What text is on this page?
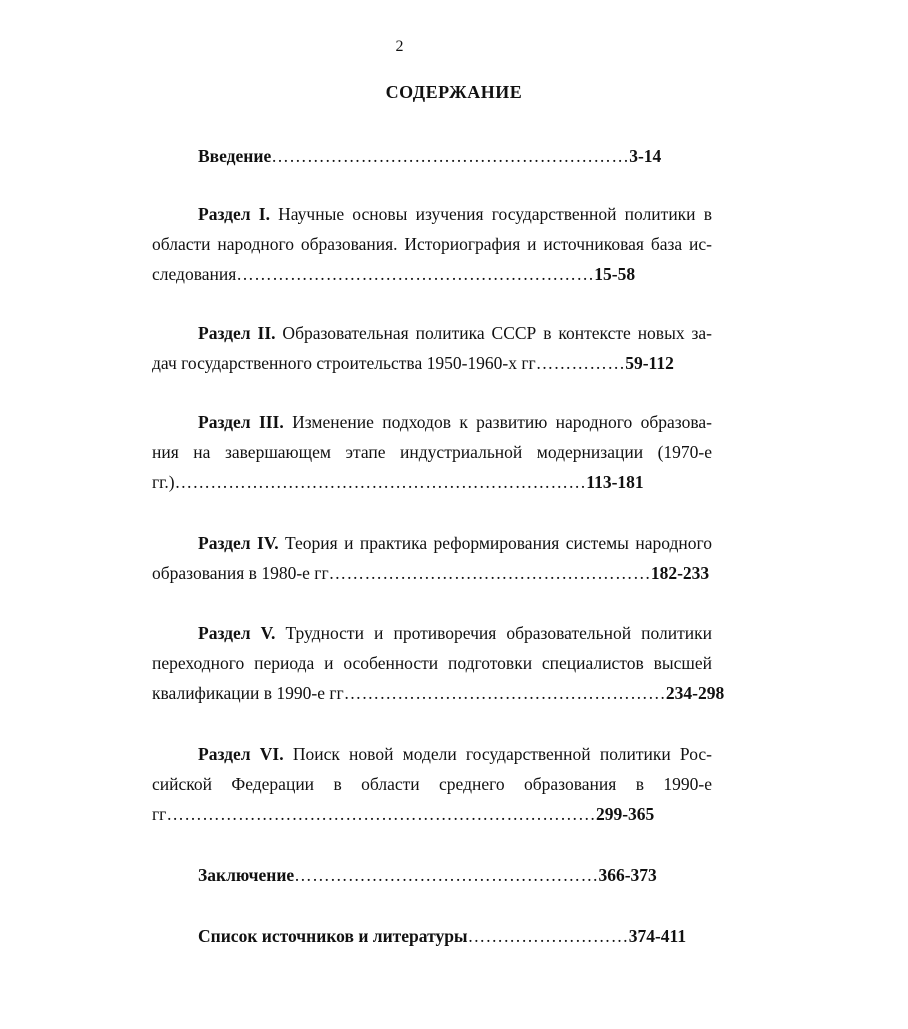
2
СОДЕРЖАНИЕ
Введение……………………………………………………3-14
Раздел I. Научные основы изучения государственной политики в
области народного образования. Историография и источниковая база ис-
следования……………………………………………………15-58
Раздел II. Образовательная политика СССР в контексте новых за-
дач государственного строительства 1950-1960-х гг……………59-112
Раздел III. Изменение подходов к развитию народного образова-
ния на завершающем этапе индустриальной модернизации (1970-е
гг.)……………………………………………………………113-181
Раздел IV. Теория и практика реформирования системы народного
образования в 1980-е гг………………………………………………182-233
Раздел V. Трудности и противоречия образовательной политики
переходного периода и особенности подготовки специалистов высшей
квалификации в 1990-е гг………………………………………………234-298
Раздел VI. Поиск новой модели государственной политики Рос-
сийской Федерации в области среднего образования в 1990-е
гг………………………………………………………………299-365
Заключение……………………………………………366-373
Список источников и литературы………………………374-411
